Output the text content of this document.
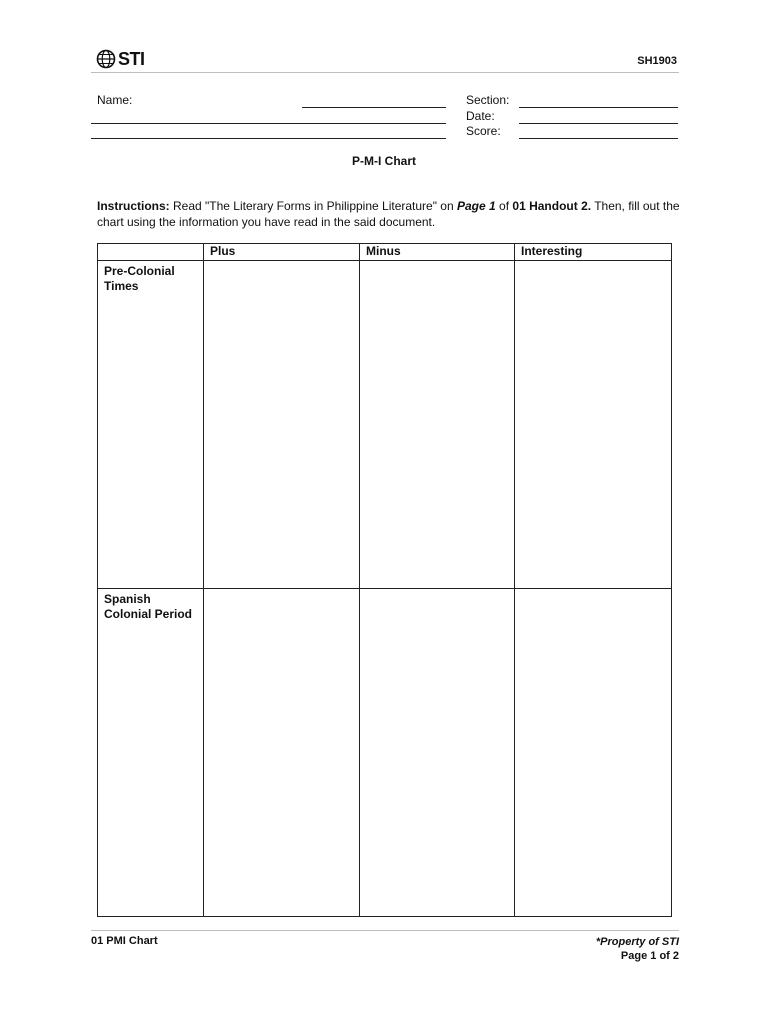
STI	SH1903
Name:	Section:
Date:
Score:
P-M-I Chart
Instructions: Read "The Literary Forms in Philippine Literature" on Page 1 of 01 Handout 2. Then, fill out the chart using the information you have read in the said document.
	Plus	Minus	Interesting
Pre-Colonial Times			
Spanish Colonial Period			
01 PMI Chart	*Property of STI
Page 1 of 2
